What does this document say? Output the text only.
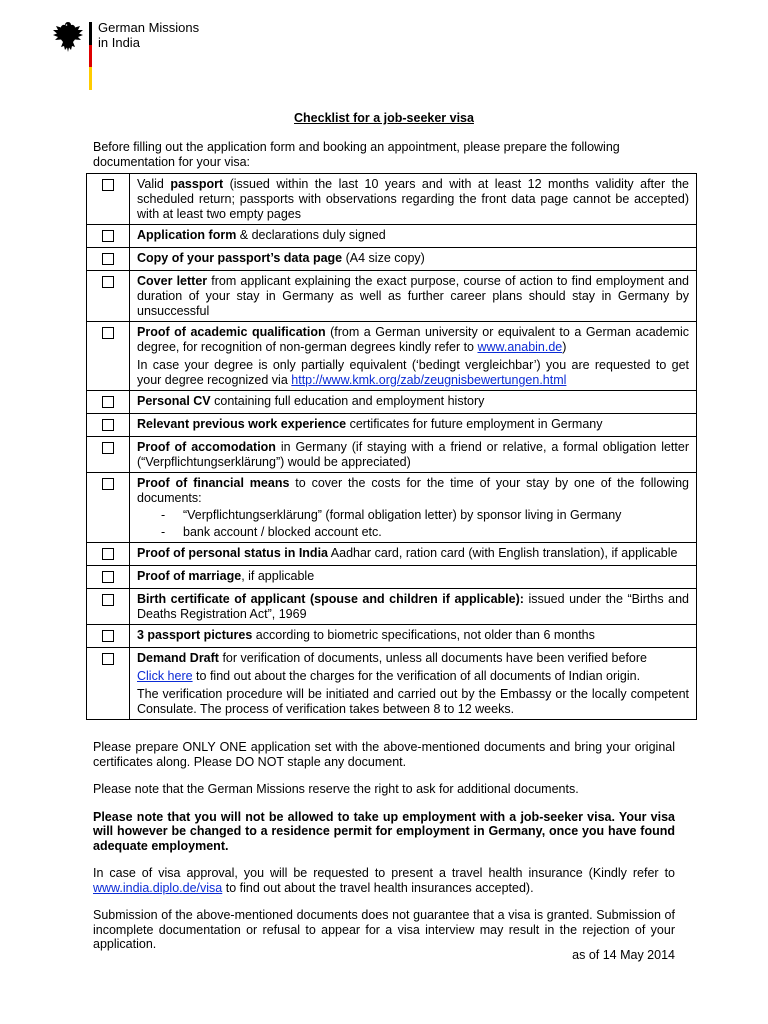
German Missions
in India
Checklist for a job-seeker visa
Before filling out the application form and booking an appointment, please prepare the following documentation for your visa:

	Valid passport (issued within the last 10 years and with at least 12 months validity after the scheduled return; passports with observations regarding the front data page cannot be accepted) with at least two empty pages

	Application form & declarations duly signed

	Copy of your passport’s data page (A4 size copy)

	Cover letter from applicant explaining the exact purpose, course of action to find employment and duration of your stay in Germany as well as further career plans should stay in Germany by unsuccessful

	Proof of academic qualification (from a German university or equivalent to a German academic degree, for recognition of non-german degrees kindly refer to www.anabin.de)
In case your degree is only partially equivalent (‘bedingt vergleichbar’) you are requested to get your degree recognized via http://www.kmk.org/zab/zeugnisbewertungen.html

	Personal CV containing full education and employment history

	Relevant previous work experience certificates for future employment in Germany

	Proof of accomodation in Germany (if staying with a friend or relative, a formal obligation letter (“Verpflichtungserklärung”) would be appreciated)

	Proof of financial means to cover the costs for the time of your stay by one of the following documents:
- “Verpflichtungserklärung” (formal obligation letter) by sponsor living in Germany
- bank account / blocked account etc.

	Proof of personal status in India Aadhar card, ration card (with English translation), if applicable

	Proof of marriage, if applicable

	Birth certificate of applicant (spouse and children if applicable): issued under the “Births and Deaths Registration Act”, 1969

	3 passport pictures according to biometric specifications, not older than 6 months

	Demand Draft for verification of documents, unless all documents have been verified before
Click here to find out about the charges for the verification of all documents of Indian origin.
The verification procedure will be initiated and carried out by the Embassy or the locally competent Consulate. The process of verification takes between 8 to 12 weeks.

Please prepare ONLY ONE application set with the above-mentioned documents and bring your original certificates along. Please DO NOT staple any document.

Please note that the German Missions reserve the right to ask for additional documents.

Please note that you will not be allowed to take up employment with a job-seeker visa. Your visa will however be changed to a residence permit for employment in Germany, once you have found adequate employment.

In case of visa approval, you will be requested to present a travel health insurance (Kindly refer to www.india.diplo.de/visa to find out about the travel health insurances accepted).

Submission of the above-mentioned documents does not guarantee that a visa is granted. Submission of incomplete documentation or refusal to appear for a visa interview may result in the rejection of your application.

as of 14 May 2014
